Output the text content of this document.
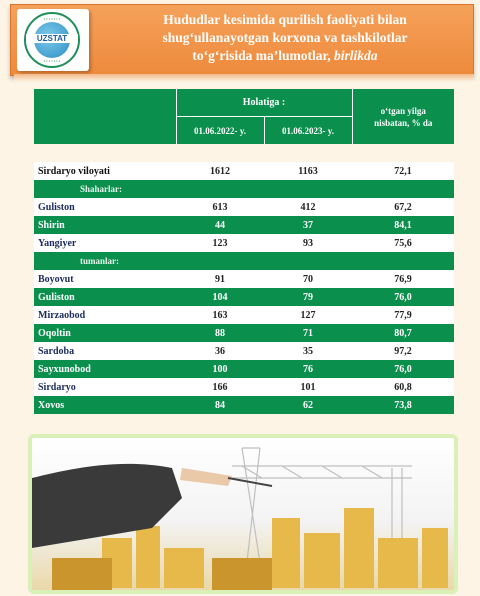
• • • • • • •
UZSTAT
• • • • • • •
Hududlar kesimida qurilish faoliyati bilan
shug‘ullanayotgan korxona va tashkilotlar
to‘g‘risida ma’lumotlar, birlikda
	Holatiga :		o‘tgan yilga nisbatan, % da
	01.06.2022- y.	01.06.2023- y.	

Sirdaryo viloyati	1612	1163	72,1
Shaharlar:			
Guliston	613	412	67,2
Shirin	44	37	84,1
Yangiyer	123	93	75,6
tumanlar:			
Boyovut	91	70	76,9
Guliston	104	79	76,0
Mirzaobod	163	127	77,9
Oqoltin	88	71	80,7
Sardoba	36	35	97,2
Sayxunobod	100	76	76,0
Sirdaryo	166	101	60,8
Xovos	84	62	73,8
